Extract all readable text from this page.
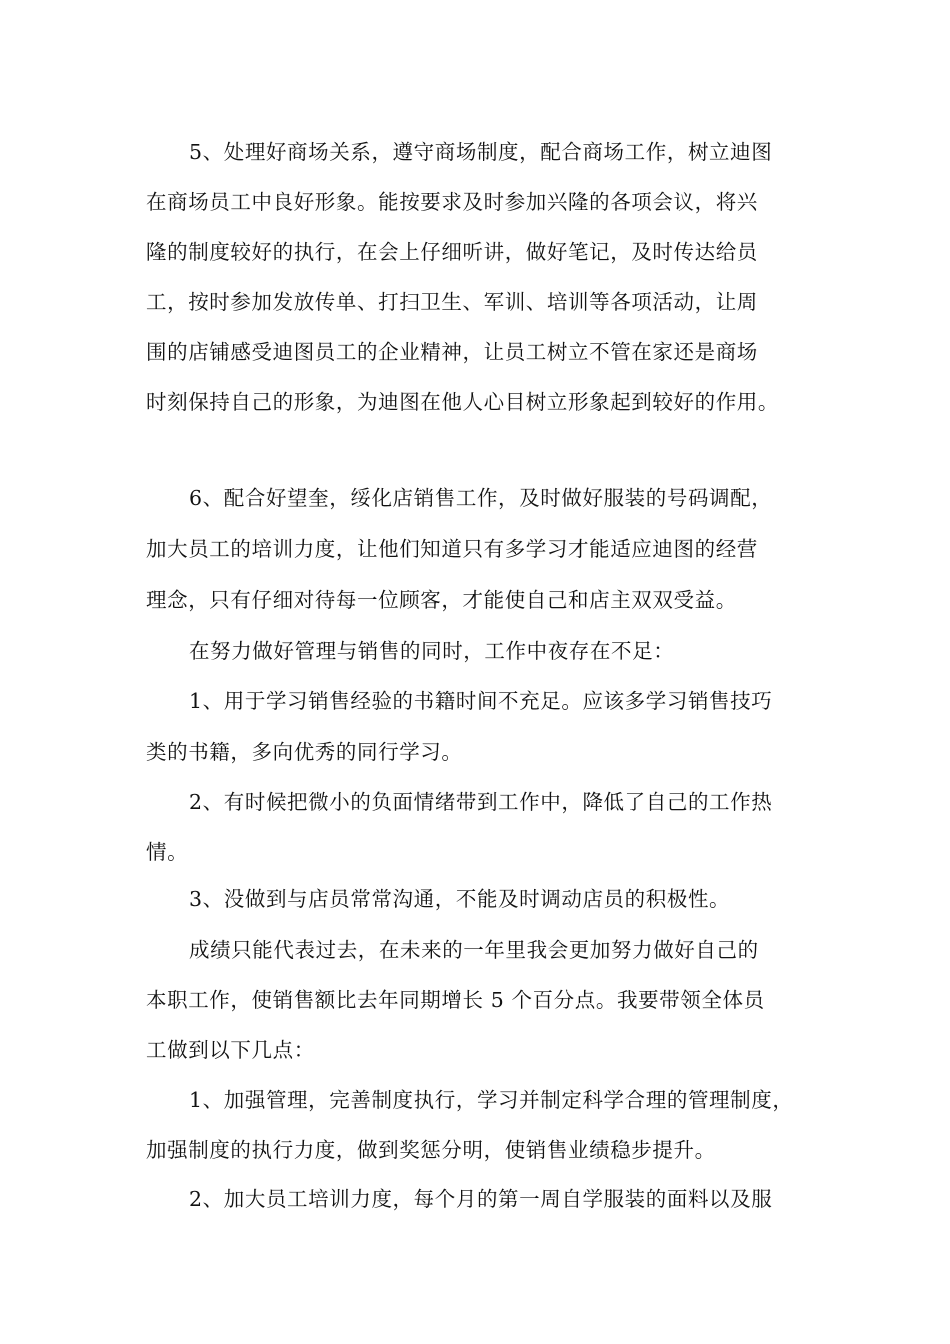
5、处理好商场关系，遵守商场制度，配合商场工作，树立迪图
在商场员工中良好形象。能按要求及时参加兴隆的各项会议，将兴
隆的制度较好的执行，在会上仔细听讲，做好笔记，及时传达给员
工，按时参加发放传单、打扫卫生、军训、培训等各项活动，让周
围的店铺感受迪图员工的企业精神，让员工树立不管在家还是商场
时刻保持自己的形象，为迪图在他人心目树立形象起到较好的作用。
6、配合好望奎，绥化店销售工作，及时做好服装的号码调配，
加大员工的培训力度，让他们知道只有多学习才能适应迪图的经营
理念，只有仔细对待每一位顾客，才能使自己和店主双双受益。
在努力做好管理与销售的同时，工作中夜存在不足：
1、用于学习销售经验的书籍时间不充足。应该多学习销售技巧
类的书籍，多向优秀的同行学习。
2、有时候把微小的负面情绪带到工作中，降低了自己的工作热
情。
3、没做到与店员常常沟通，不能及时调动店员的积极性。
成绩只能代表过去，在未来的一年里我会更加努力做好自己的
本职工作，使销售额比去年同期增长 5 个百分点。我要带领全体员
工做到以下几点：
1、加强管理，完善制度执行，学习并制定科学合理的管理制度，
加强制度的执行力度，做到奖惩分明，使销售业绩稳步提升。
2、加大员工培训力度，每个月的第一周自学服装的面料以及服
